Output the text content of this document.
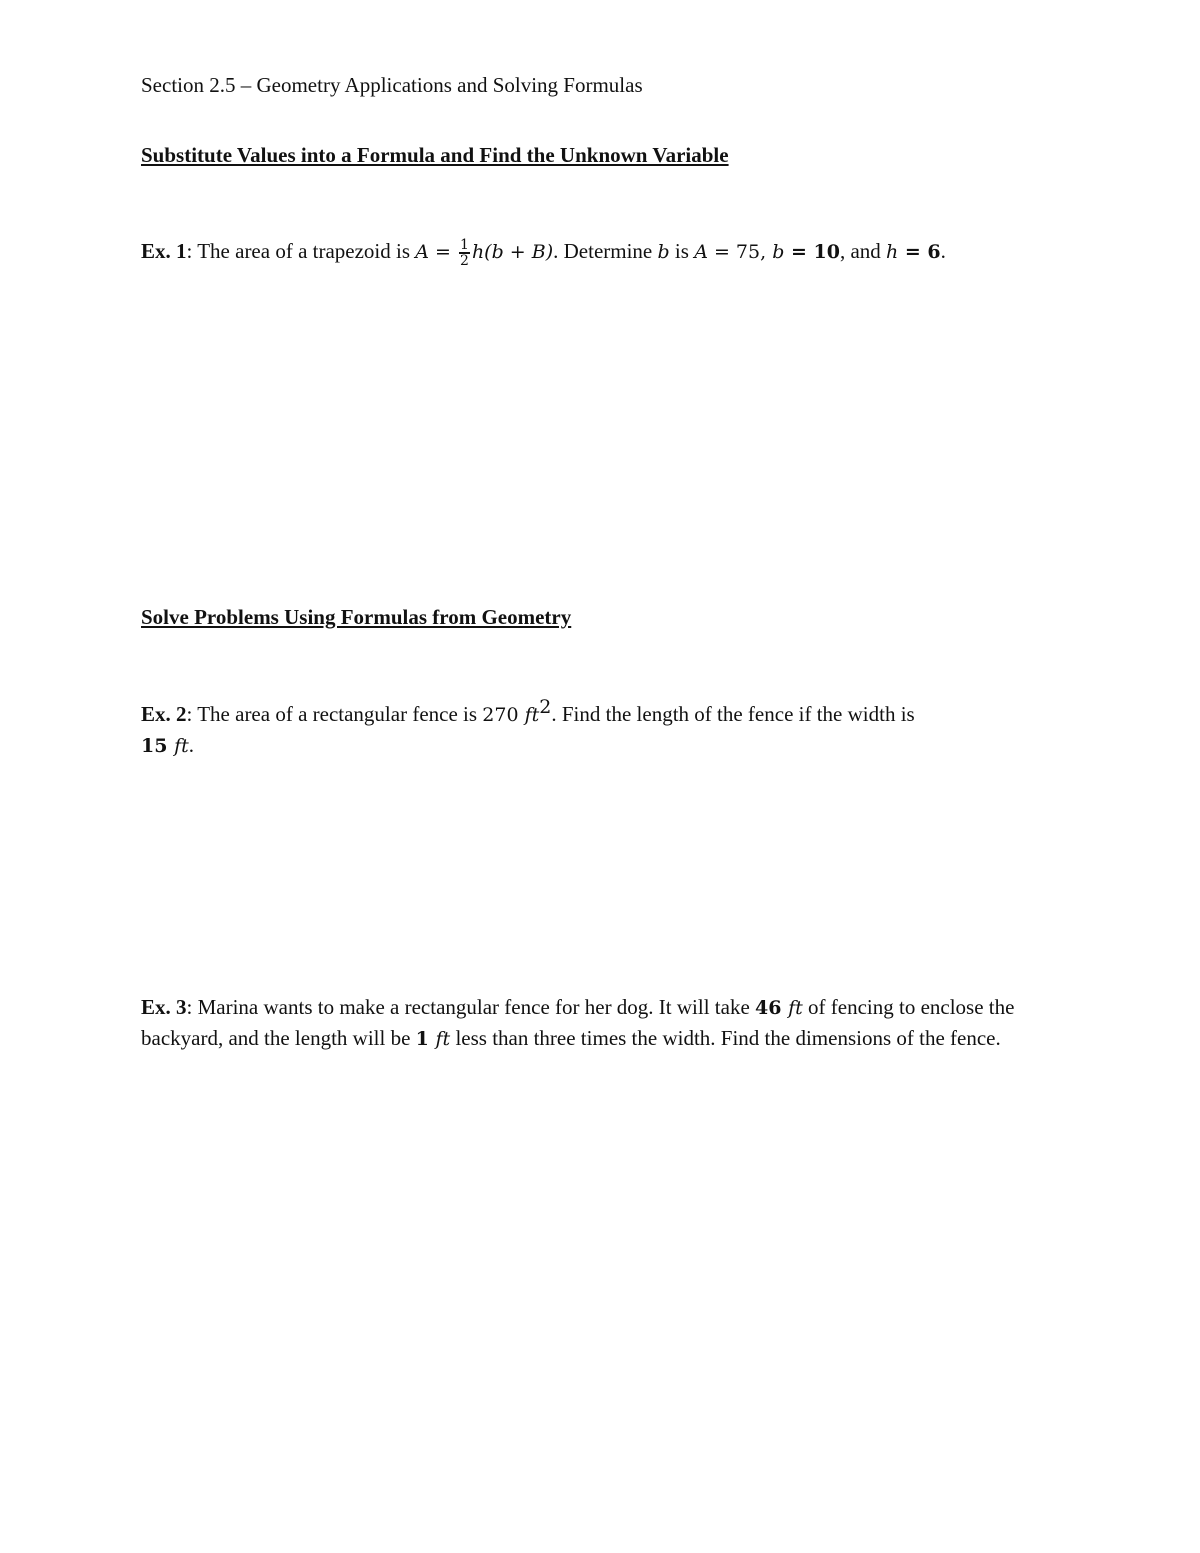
Section 2.5 – Geometry Applications and Solving Formulas
Substitute Values into a Formula and Find the Unknown Variable
Ex. 1: The area of a trapezoid is $A = \frac{1}{2} h(b + B)$. Determine b is A = 75, b = 10, and h = 6.
Solve Problems Using Formulas from Geometry
Ex. 2: The area of a rectangular fence is 270 $ft^2$. Find the length of the fence if the width is
15 ft.
Ex. 3: Marina wants to make a rectangular fence for her dog. It will take 46 ft of fencing to enclose the backyard, and the length will be 1 ft less than three times the width. Find the dimensions of the fence.
